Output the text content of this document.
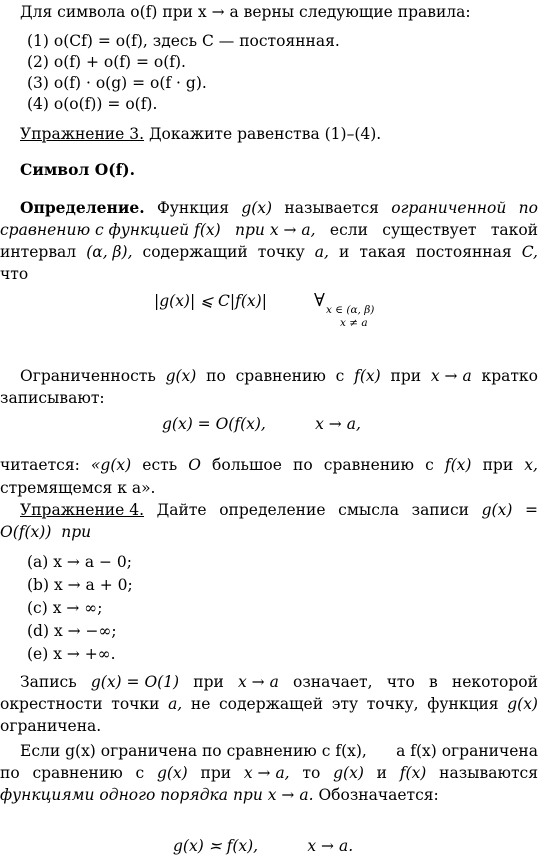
Для символа o(f) при x → a верны следующие правила:
(1) o(Cf) = o(f), здесь C — постоянная.
(2) o(f) + o(f) = o(f).
(3) o(f) · o(g) = o(f · g).
(4) o(o(f)) = o(f).
Упражнение 3. Докажите равенства (1)–(4).
Символ O(f).
Определение. Функция g(x) называется ограниченной по
сравнению с функцией f(x) при x → a, если существует такой
интервал (α, β), содержащий точку a, и такая постоянная C,
что
|g(x)| ⩽ C|f(x)|	∀ x ∈ (α, β)
x ≠ a
Ограниченность g(x) по сравнению с f(x) при x → a кратко
записывают:
g(x) = O(f(x),          x → a,
читается: «g(x) есть O большое по сравнению с f(x) при x,
стремящемся к a».
Упражнение 4. Дайте определение смысла записи g(x) =
O(f(x))  при
(a) x → a − 0;
(b) x → a + 0;
(c) x → ∞;
(d) x → −∞;
(e) x → +∞.
Запись g(x) = O(1) при x → a означает, что в некоторой
окрестности точки a, не содержащей эту точку, функция g(x)
ограничена.
Если g(x) ограничена по сравнению с f(x), а f(x) ограничена
по сравнению с g(x) при x → a, то g(x) и f(x) называются
функциями одного порядка при x → a. Обозначается:
g(x) ≍ f(x),          x → a.
